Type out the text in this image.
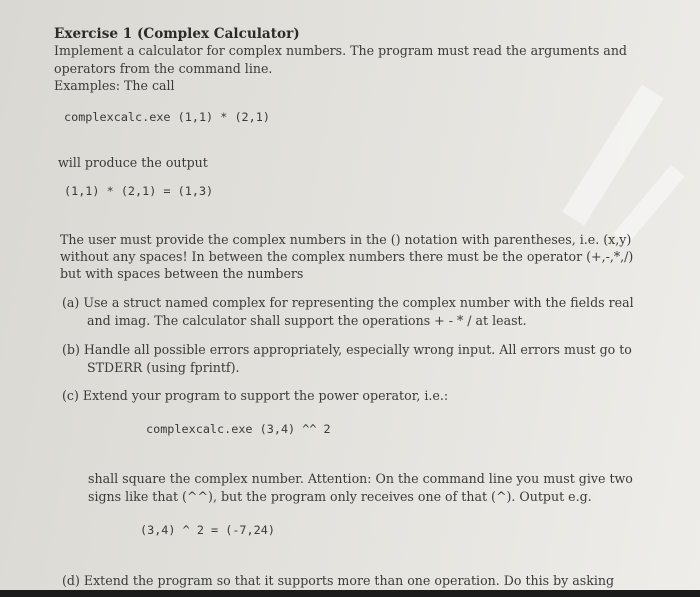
Exercise 1 (Complex Calculator)
Implement a calculator for complex numbers. The program must read the arguments and
operators from the command line.
Examples: The call
complexcalc.exe (1,1) * (2,1)
will produce the output
(1,1) * (2,1) = (1,3)
The user must provide the complex numbers in the () notation with parentheses, i.e. (x,y)
without any spaces! In between the complex numbers there must be the operator (+,-,*,/)
but with spaces between the numbers
(a) Use a struct named complex for representing the complex number with the fields real
and imag. The calculator shall support the operations + - * / at least.
(b) Handle all possible errors appropriately, especially wrong input. All errors must go to
STDERR (using fprintf).
(c) Extend your program to support the power operator, i.e.:
complexcalc.exe (3,4) ^^ 2
shall square the complex number. Attention: On the command line you must give two
signs like that (^^), but the program only receives one of that (^). Output e.g.
(3,4) ^ 2 = (-7,24)
(d) Extend the program so that it supports more than one operation. Do this by asking
